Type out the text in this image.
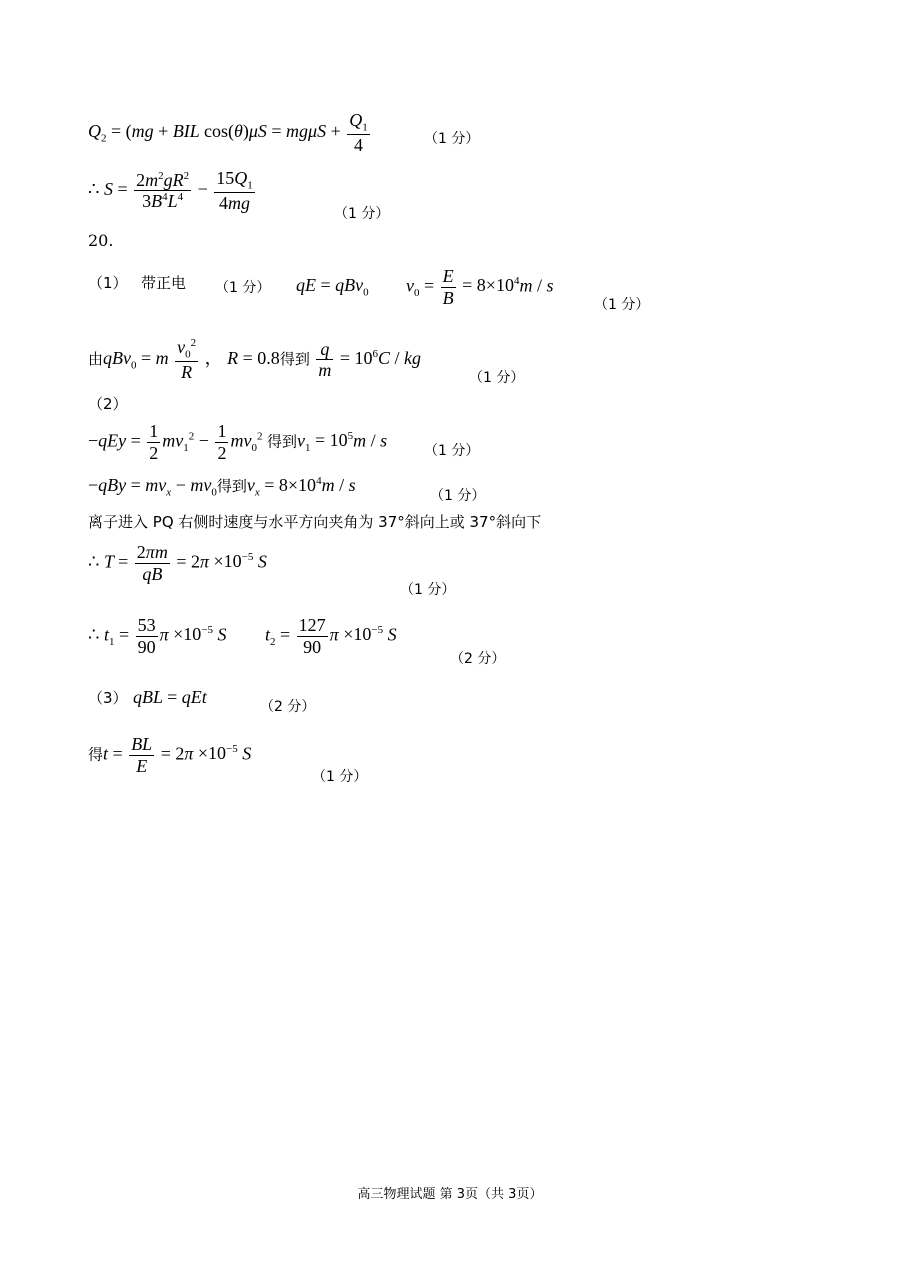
$Q_2 = (mg$ + BIL $\cos(\theta)\mu S = mg\mu S + \frac{Q_1}{4}$	（1 分）
∴ $S = \frac{2m^2gR^2}{3B^4L^4} - \frac{15Q_1}{4mg}$
（1 分）
20.
（1） 带正电 （1 分） qE = qBv$_0$ $v_0 = \frac{E}{B} = 8\times 10^4m / s$
（1 分）
由qBv$_0$ = m $\frac{v_0^2}{R}$ ， R = 0.8得到 $\frac{q}{m} = 10^6C$ / kg
（1 分）
（2）
$-qEy = \frac{1}{2} mv_1^2 - \frac{1}{2} mv_0^2$ 得到$v_1 = 10^5m / s$
（1 分）
$-qBy = mv_x - mv_0$得到$v_x = 8\times 10^4m / s$
（1 分）
离子进入 PQ 右侧时速度与水平方向夹角为 37°斜向上或 37°斜向下
∴ $T = \frac{2\pi m}{qB} = 2\pi \times 10^{-5}$ S
（1 分）
∴ $t_1 = \frac{53}{90}$ $\pi \times 10^{-5}$ S $t_2 = \frac{127}{90}$ $\pi \times 10^{-5}$ S
（2 分）
（3） qBL = qEt	（2 分）
得$t = \frac{BL}{E} = 2\pi \times 10^{-5}$ S
（1 分）
高三物理试题 第 3页（共 3页）
